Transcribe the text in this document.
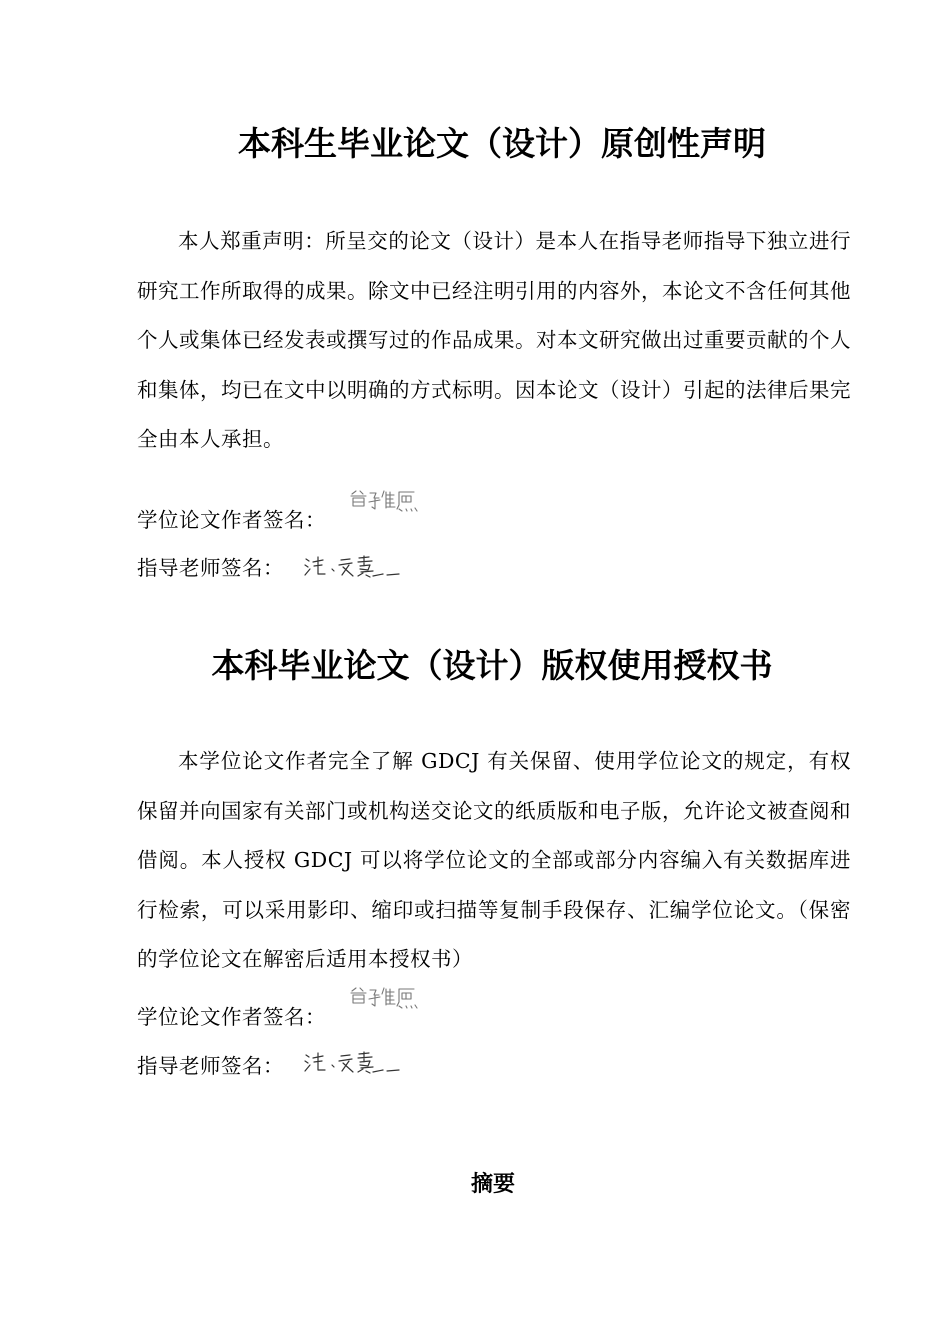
本科生毕业论文（设计）原创性声明

本人郑重声明：所呈交的论文（设计）是本人在指导老师指导下独立进行研究工作所取得的成果。除文中已经注明引用的内容外，本论文不含任何其他个人或集体已经发表或撰写过的作品成果。对本文研究做出过重要贡献的个人和集体，均已在文中以明确的方式标明。因本论文（设计）引起的法律后果完全由本人承担。

学位论文作者签名：
指导老师签名：
本科毕业论文（设计）版权使用授权书

本学位论文作者完全了解 GDCJ 有关保留、使用学位论文的规定，有权保留并向国家有关部门或机构送交论文的纸质版和电子版，允许论文被查阅和借阅。本人授权 GDCJ 可以将学位论文的全部或部分内容编入有关数据库进行检索，可以采用影印、缩印或扫描等复制手段保存、汇编学位论文。（保密的学位论文在解密后适用本授权书）

学位论文作者签名：
指导老师签名：
摘要
